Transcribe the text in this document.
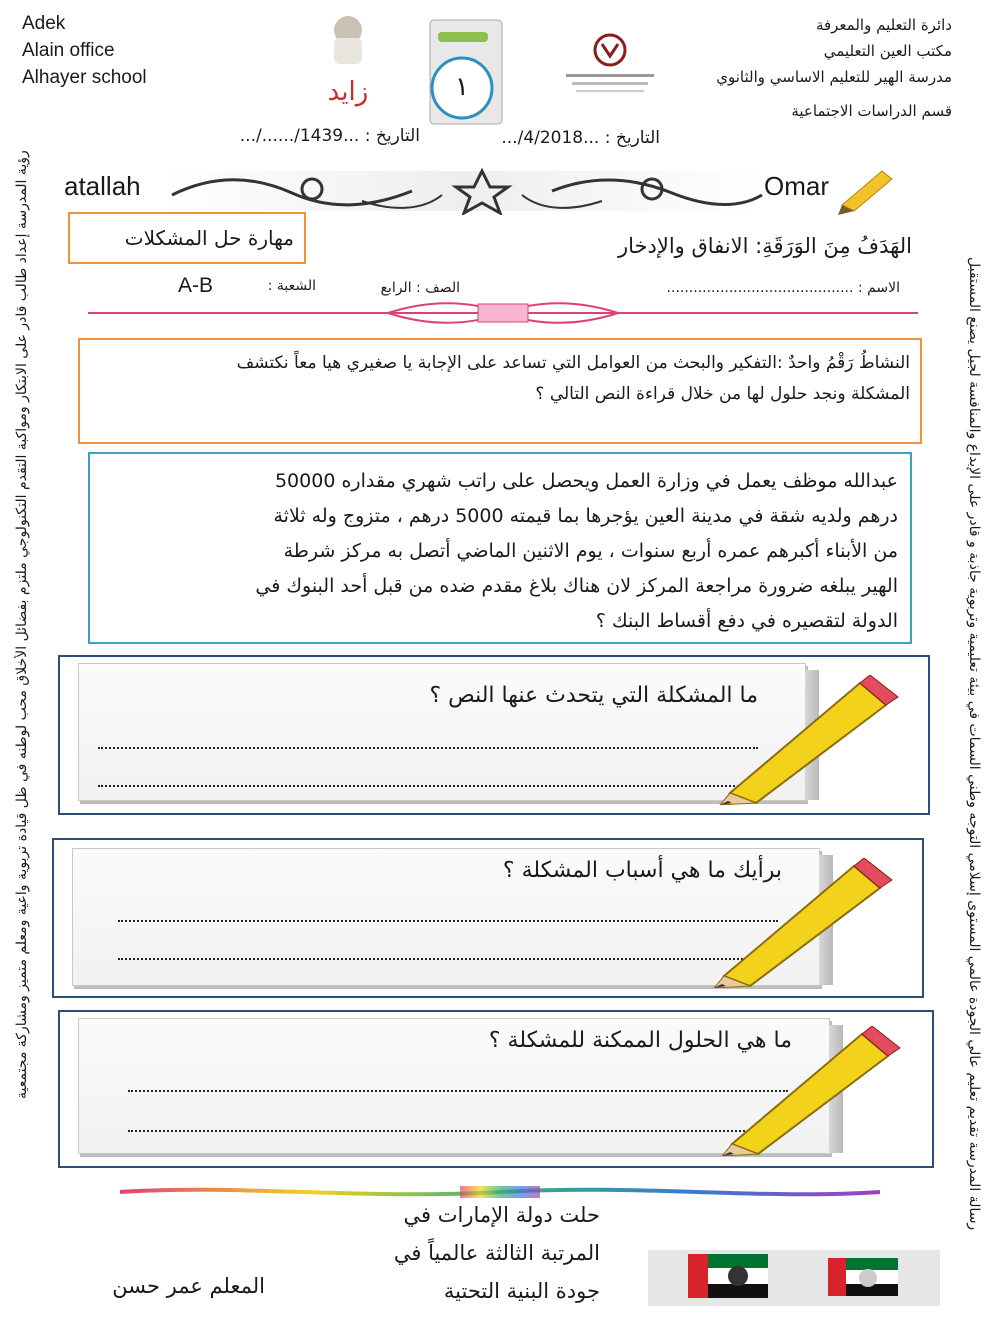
رؤية المدرسة إعداد طالب قادر على الابتكار ومواكبة التقدم التكنولوجي ملتزم بفضائل الأخلاق محب لوطنه في ظل قيادة تربوية واعية ومعلم متميز ومشاركة مجتمعية	رسالة المدرسة تقديم تعليم عالي الجودة عالمي المستوى إسلامي التوجه وطني السمات في بيئة تعليمية وتربوية جاذبة و قادر على الإبداع والمنافسة لجيل يصنع المستقبل
Adek
Alain office
Alhayer school	زايد	١
دائرة التعليم والمعرفة
مكتب العين التعليمي
مدرسة الهير للتعليم الاساسي والثانوي
قسم الدراسات الاجتماعية
التاريخ : ...4/2018/...
التاريخ : ...1439/....../...
atallah	Omar
مهارة حل المشكلات	الهَدَفُ مِنَ الوَرَقَةِ: الانفاق والإدخار
الاسم : ..........................................
الصف : الرابع
الشعبة :
A-B
النشاطُ رَقْمُ واحدٌ :التفكير والبحث من العوامل التي تساعد على الإجابة يا صغيري هيا معاً نكتشف
المشكلة ونجد حلول لها من خلال قراءة النص التالي ؟
عبدالله موظف يعمل في وزارة العمل ويحصل على راتب شهري مقداره 50000
درهم ولديه شقة في مدينة العين يؤجرها بما قيمته 5000 درهم ، متزوج وله ثلاثة
من الأبناء أكبرهم عمره أربع سنوات ، يوم الاثنين الماضي أتصل به مركز شرطة
الهير يبلغه ضرورة مراجعة المركز لان هناك بلاغ مقدم ضده من قبل أحد البنوك في
الدولة لتقصيره في دفع أقساط البنك ؟
ما المشكلة التي يتحدث عنها النص ؟
برأيك ما هي أسباب المشكلة ؟
ما هي الحلول الممكنة للمشكلة ؟
حلت دولة الإمارات في
المرتبة الثالثة عالمياً في
جودة البنية التحتية
المعلم عمر حسن
